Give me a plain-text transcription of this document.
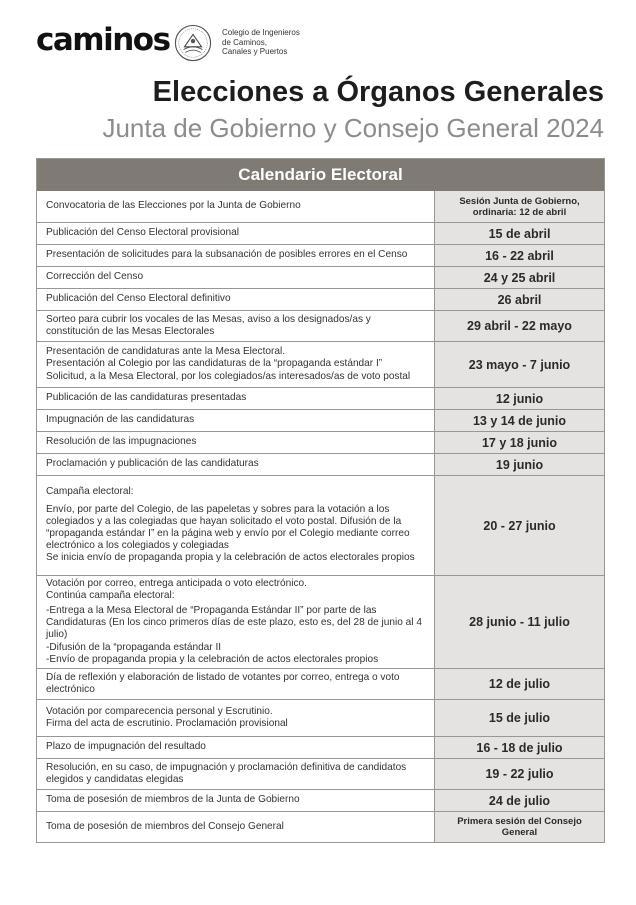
caminos	Colegio de Ingenieros
de Caminos,
Canales y Puertos
Elecciones a Órganos Generales
Junta de Gobierno y Consejo General 2024
Calendario Electoral
Convocatoria de las Elecciones por la Junta de Gobierno	Sesión Junta de Gobierno, ordinaria: 12 de abril
Publicación del Censo Electoral provisional	15 de abril
Presentación de solicitudes para la subsanación de posibles errores en el Censo	16 - 22 abril
Corrección del Censo	24 y 25 abril
Publicación del Censo Electoral definitivo	26 abril
Sorteo para cubrir los vocales de las Mesas, aviso a los designados/as y constitución de las Mesas Electorales	29 abril - 22 mayo
Presentación de candidaturas ante la Mesa Electoral.
Presentación al Colegio por las candidaturas de la “propaganda estándar I”
Solicitud, a la Mesa Electoral, por los colegiados/as interesados/as de voto postal
23 mayo - 7 junio
Publicación de las candidaturas presentadas	12 junio
Impugnación de las candidaturas	13 y 14 de junio
Resolución de las impugnaciones	17 y 18 junio
Proclamación y publicación de las candidaturas	19 junio
Campaña electoral:
Envío, por parte del Colegio, de las papeletas y sobres para la votación a los colegiados y a las colegiadas que hayan solicitado el voto postal. Difusión de la “propaganda estándar I” en la página web y envío por el Colegio mediante correo electrónico a los colegiados y colegiadas
Se inicia envío de propaganda propia y la celebración de actos electorales propios
20 - 27 junio
Votación por correo, entrega anticipada o voto electrónico.
Continúa campaña electoral:
-Entrega a la Mesa Electoral de “Propaganda Estándar II” por parte de las Candidaturas (En los cinco primeros días de este plazo, esto es, del 28 de junio al 4 julio)
-Difusión de la “propaganda estándar II
-Envío de propaganda propia y la celebración de actos electorales propios
28 junio - 11 julio
Día de reflexión y elaboración de listado de votantes por correo, entrega o voto electrónico	12 de julio
Votación por comparecencia personal y Escrutinio.
Firma del acta de escrutinio. Proclamación provisional	15 de julio
Plazo de impugnación del resultado	16 - 18 de julio
Resolución, en su caso, de impugnación y proclamación definitiva de candidatos elegidos y candidatas elegidas	19 - 22 julio
Toma de posesión de miembros de la Junta de Gobierno	24 de julio
Toma de posesión de miembros del Consejo General	Primera sesión del Consejo General
